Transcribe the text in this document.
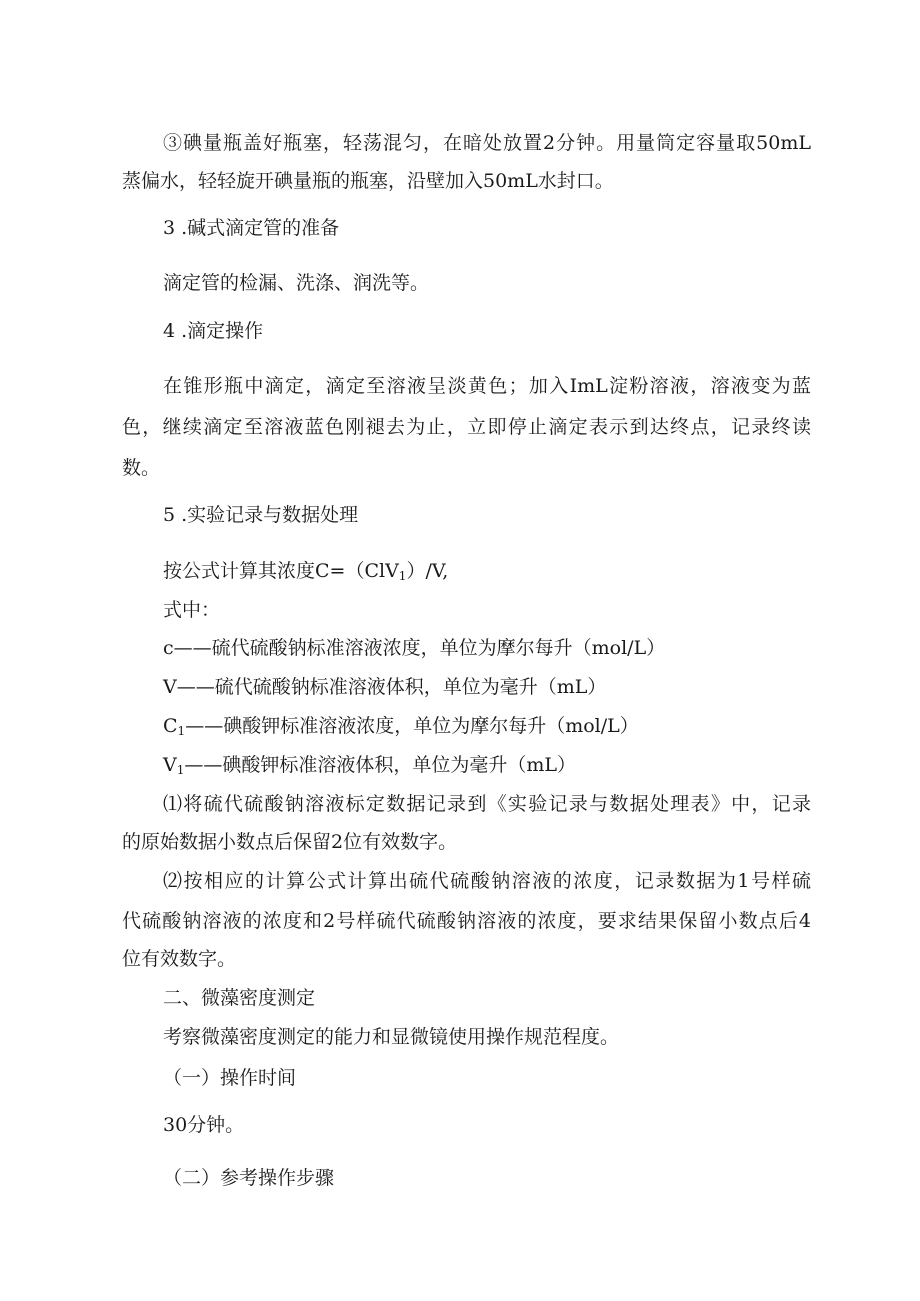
③碘量瓶盖好瓶塞，轻荡混匀，在暗处放置2分钟。用量筒定容量取50mL
蒸偏水，轻轻旋开碘量瓶的瓶塞，沿壁加入50mL水封口。
3 .碱式滴定管的准备
滴定管的检漏、洗涤、润洗等。
4 .滴定操作
在锥形瓶中滴定，滴定至溶液呈淡黄色；加入ImL淀粉溶液，溶液变为蓝
色，继续滴定至溶液蓝色刚褪去为止，立即停止滴定表示到达终点，记录终读
数。
5 .实验记录与数据处理
按公式计算其浓度C=（ClV$_1$）/V,
式中：
c——硫代硫酸钠标准溶液浓度，单位为摩尔每升（mol/L）
V——硫代硫酸钠标准溶液体积，单位为毫升（mL）
$C_1——$碘酸钾标准溶液浓度，单位为摩尔每升（mol/L）
$V_1——$碘酸钾标准溶液体积，单位为毫升（mL）
⑴将硫代硫酸钠溶液标定数据记录到《实验记录与数据处理表》中，记录
的原始数据小数点后保留2位有效数字。
⑵按相应的计算公式计算出硫代硫酸钠溶液的浓度，记录数据为1号样硫
代硫酸钠溶液的浓度和2号样硫代硫酸钠溶液的浓度，要求结果保留小数点后4
位有效数字。
二、微藻密度测定
考察微藻密度测定的能力和显微镜使用操作规范程度。
（一）操作时间
30分钟。
（二）参考操作步骤
